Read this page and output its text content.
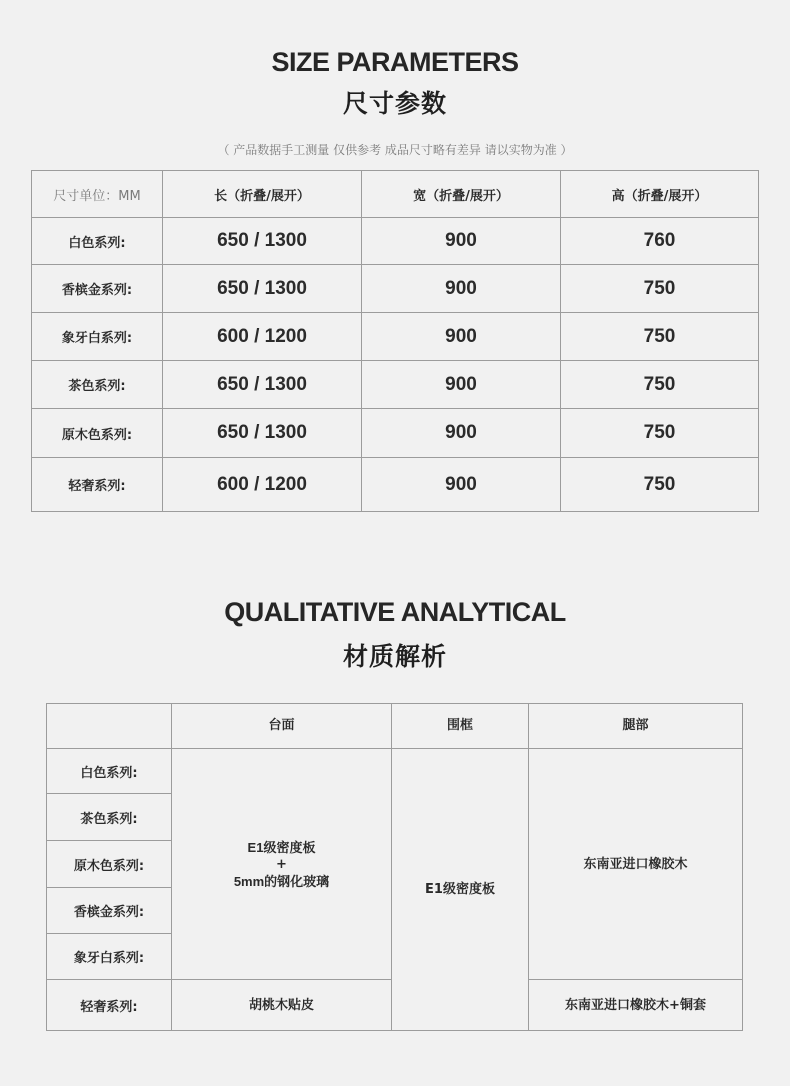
SIZE PARAMETERS
尺寸参数
（ 产品数据手工测量 仅供参考 成品尺寸略有差异 请以实物为准 ）
尺寸单位：MM	长（折叠/展开）	宽（折叠/展开）	高（折叠/展开）
白色系列:	650 / 1300	900	760
香槟金系列:	650 / 1300	900	750
象牙白系列:	600 / 1200	900	750
茶色系列:	650 / 1300	900	750
原木色系列:	650 / 1300	900	750
轻奢系列:	600 / 1200	900	750
QUALITATIVE ANALYTICAL
材质解析
	台面	围框	腿部
白色系列:	E1级密度板
+
5mm的钢化玻璃	E1级密度板	东南亚进口橡胶木
茶色系列:			
原木色系列:			
香槟金系列:			
象牙白系列:			
轻奢系列:	胡桃木贴皮		东南亚进口橡胶木+铜套
